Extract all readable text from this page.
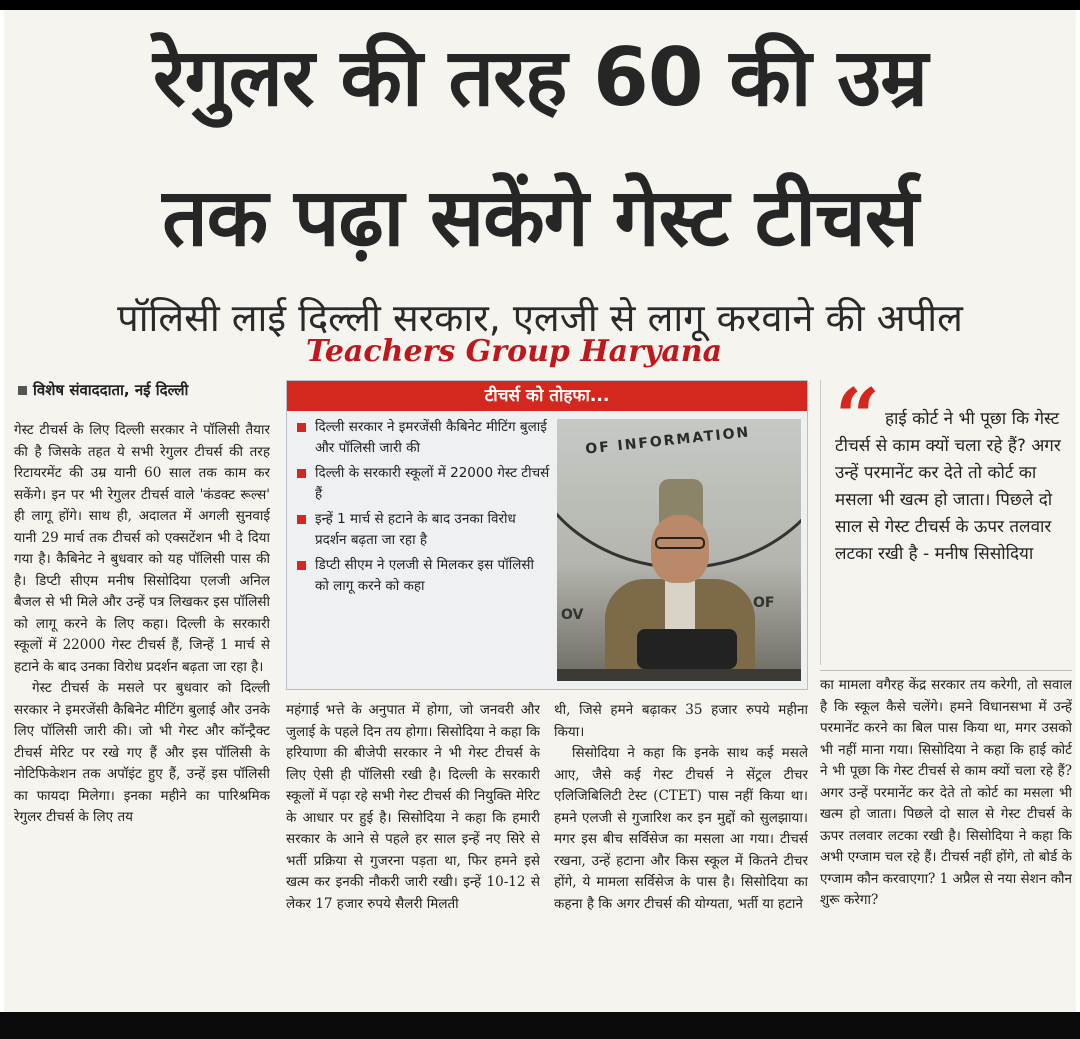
रेगुलर की तरह 60 की उम्र
तक पढ़ा सकेंगे गेस्ट टीचर्स
पॉलिसी लाई दिल्ली सरकार, एलजी से लागू करवाने की अपील
Teachers Group Haryana
विशेष संवाददाता, नई दिल्ली

गेस्ट टीचर्स के लिए दिल्ली सरकार ने पॉलिसी तैयार की है जिसके तहत ये सभी रेगुलर टीचर्स की तरह रिटायरमेंट की उम्र यानी 60 साल तक काम कर सकेंगे। इन पर भी रेगुलर टीचर्स वाले 'कंडक्ट रूल्स' ही लागू होंगे। साथ ही, अदालत में अगली सुनवाई यानी 29 मार्च तक टीचर्स को एक्सटेंशन भी दे दिया गया है। कैबिनेट ने बुधवार को यह पॉलिसी पास की है। डिप्टी सीएम मनीष सिसोदिया एलजी अनिल बैजल से भी मिले और उन्हें पत्र लिखकर इस पॉलिसी को लागू करने के लिए कहा। दिल्ली के सरकारी स्कूलों में 22000 गेस्ट टीचर्स हैं, जिन्हें 1 मार्च से हटाने के बाद उनका विरोध प्रदर्शन बढ़ता जा रहा है।

गेस्ट टीचर्स के मसले पर बुधवार को दिल्ली सरकार ने इमरजेंसी कैबिनेट मीटिंग बुलाई और उनके लिए पॉलिसी जारी की। जो भी गेस्ट और कॉन्ट्रैक्ट टीचर्स मेरिट पर रखे गए हैं और इस पॉलिसी के नोटिफिकेशन तक अपॉइंट हुए हैं, उन्हें इस पॉलिसी का फायदा मिलेगा। इनका महीने का पारिश्रमिक रेगुलर टीचर्स के लिए तय

टीचर्स को तोहफा...
दिल्ली सरकार ने इमरजेंसी कैबिनेट मीटिंग बुलाई और पॉलिसी जारी की
दिल्ली के सरकारी स्कूलों में 22000 गेस्ट टीचर्स हैं
इन्हें 1 मार्च से हटाने के बाद उनका विरोध प्रदर्शन बढ़ता जा रहा है
डिप्टी सीएम ने एलजी से मिलकर इस पॉलिसी को लागू करने को कहा
OF INFORMATION
OV
OF
“ हाई कोर्ट ने भी पूछा कि गेस्ट टीचर्स से काम क्यों चला रहे हैं? अगर उन्हें परमानेंट कर देते तो कोर्ट का मसला भी खत्म हो जाता। पिछले दो साल से गेस्ट टीचर्स के ऊपर तलवार लटका रखी है - मनीष सिसोदिया

महंगाई भत्ते के अनुपात में होगा, जो जनवरी और जुलाई के पहले दिन तय होगा। सिसोदिया ने कहा कि हरियाणा की बीजेपी सरकार ने भी गेस्ट टीचर्स के लिए ऐसी ही पॉलिसी रखी है। दिल्ली के सरकारी स्कूलों में पढ़ा रहे सभी गेस्ट टीचर्स की नियुक्ति मेरिट के आधार पर हुई है। सिसोदिया ने कहा कि हमारी सरकार के आने से पहले हर साल इन्हें नए सिरे से भर्ती प्रक्रिया से गुजरना पड़ता था, फिर हमने इसे खत्म कर इनकी नौकरी जारी रखी। इन्हें 10-12 से लेकर 17 हजार रुपये सैलरी मिलती

थी, जिसे हमने बढ़ाकर 35 हजार रुपये महीना किया।

सिसोदिया ने कहा कि इनके साथ कई मसले आए, जैसे कई गेस्ट टीचर्स ने सेंट्रल टीचर एलिजिबिलिटी टेस्ट (CTET) पास नहीं किया था। हमने एलजी से गुजारिश कर इन मुद्दों को सुलझाया। मगर इस बीच सर्विसेज का मसला आ गया। टीचर्स रखना, उन्हें हटाना और किस स्कूल में कितने टीचर होंगे, ये मामला सर्विसेज के पास है। सिसोदिया का कहना है कि अगर टीचर्स की योग्यता, भर्ती या हटाने

का मामला वगैरह केंद्र सरकार तय करेगी, तो सवाल है कि स्कूल कैसे चलेंगे। हमने विधानसभा में उन्हें परमानेंट करने का बिल पास किया था, मगर उसको भी नहीं माना गया। सिसोदिया ने कहा कि हाई कोर्ट ने भी पूछा कि गेस्ट टीचर्स से काम क्यों चला रहे हैं? अगर उन्हें परमानेंट कर देते तो कोर्ट का मसला भी खत्म हो जाता। पिछले दो साल से गेस्ट टीचर्स के ऊपर तलवार लटका रखी है। सिसोदिया ने कहा कि अभी एग्जाम चल रहे हैं। टीचर्स नहीं होंगे, तो बोर्ड के एग्जाम कौन करवाएगा? 1 अप्रैल से नया सेशन कौन शुरू करेगा?
